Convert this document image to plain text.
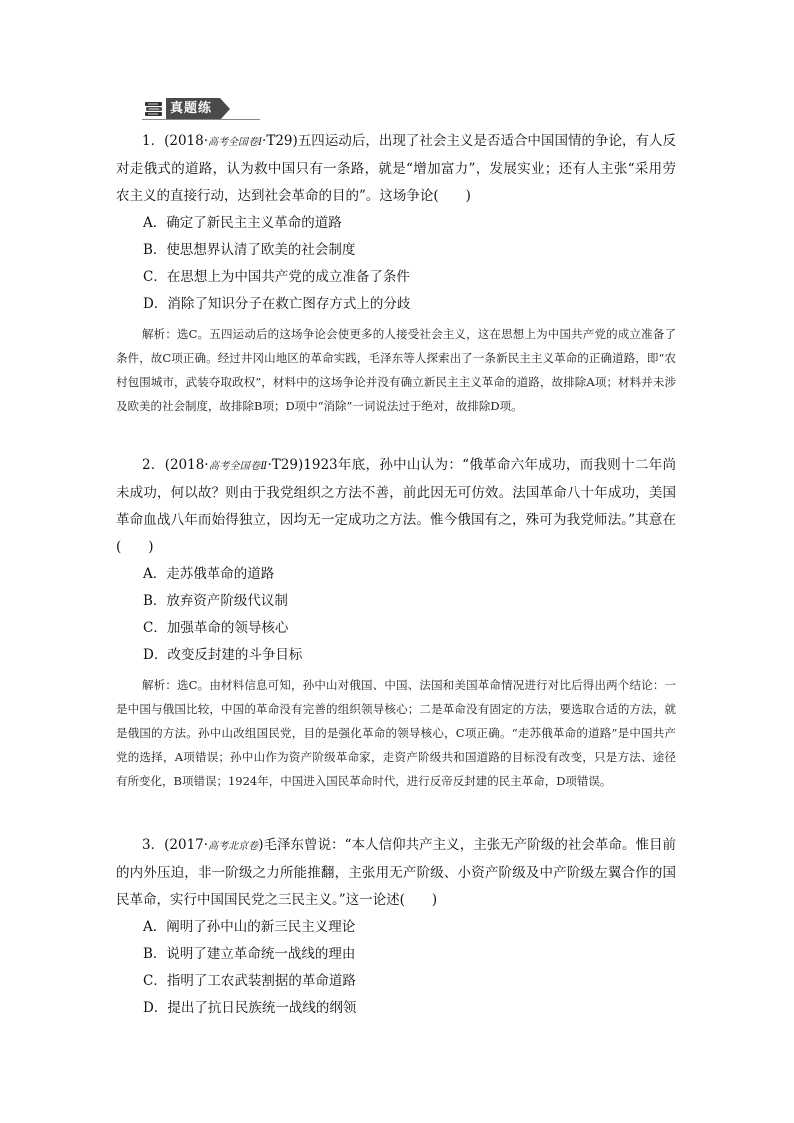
真题练

1．(2018·高考全国卷Ⅰ·T29)五四运动后，出现了社会主义是否适合中国国情的争论，有人反对走俄式的道路，认为救中国只有一条路，就是“增加富力”，发展实业；还有人主张“采用劳农主义的直接行动，达到社会革命的目的”。这场争论(　　)

A．确定了新民主主义革命的道路

B．使思想界认清了欧美的社会制度

C．在思想上为中国共产党的成立准备了条件

D．消除了知识分子在救亡图存方式上的分歧

解析：选C。五四运动后的这场争论会使更多的人接受社会主义，这在思想上为中国共产党的成立准备了条件，故C项正确。经过井冈山地区的革命实践，毛泽东等人探索出了一条新民主主义革命的正确道路，即“农村包围城市，武装夺取政权”，材料中的这场争论并没有确立新民主主义革命的道路，故排除A项；材料并未涉及欧美的社会制度，故排除B项；D项中“消除”一词说法过于绝对，故排除D项。

2．(2018·高考全国卷Ⅱ·T29)1923年底，孙中山认为：“俄革命六年成功，而我则十二年尚未成功，何以故？则由于我党组织之方法不善，前此因无可仿效。法国革命八十年成功，美国革命血战八年而始得独立，因均无一定成功之方法。惟今俄国有之，殊可为我党师法。”其意在(　　)

A．走苏俄革命的道路

B．放弃资产阶级代议制

C．加强革命的领导核心

D．改变反封建的斗争目标

解析：选C。由材料信息可知，孙中山对俄国、中国、法国和美国革命情况进行对比后得出两个结论：一是中国与俄国比较，中国的革命没有完善的组织领导核心；二是革命没有固定的方法，要选取合适的方法，就是俄国的方法。孙中山改组国民党，目的是强化革命的领导核心，C项正确。“走苏俄革命的道路”是中国共产党的选择，A项错误；孙中山作为资产阶级革命家，走资产阶级共和国道路的目标没有改变，只是方法、途径有所变化，B项错误；1924年，中国进入国民革命时代，进行反帝反封建的民主革命，D项错误。

3．(2017·高考北京卷)毛泽东曾说：“本人信仰共产主义，主张无产阶级的社会革命。惟目前的内外压迫，非一阶级之力所能推翻，主张用无产阶级、小资产阶级及中产阶级左翼合作的国民革命，实行中国国民党之三民主义。”这一论述(　　)

A．阐明了孙中山的新三民主义理论

B．说明了建立革命统一战线的理由

C．指明了工农武装割据的革命道路

D．提出了抗日民族统一战线的纲领
